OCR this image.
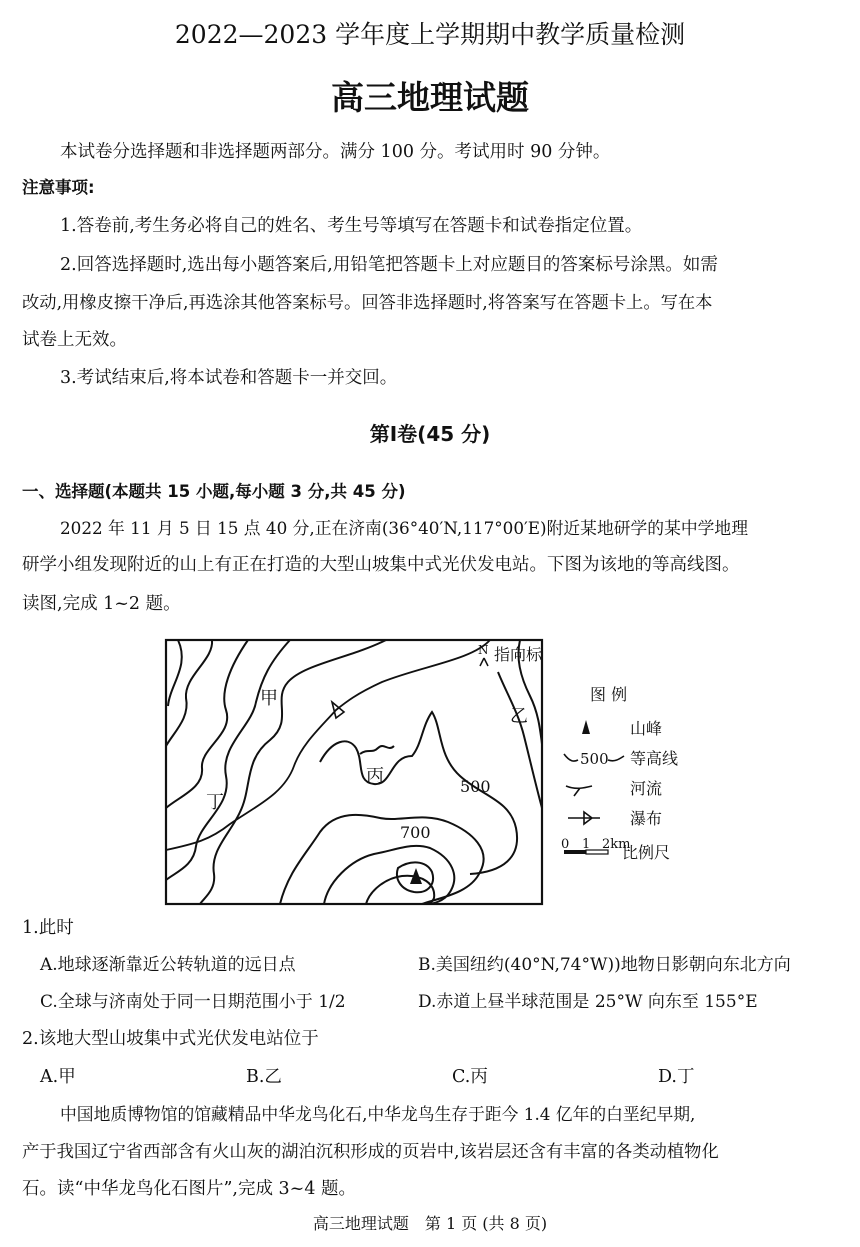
2022—2023 学年度上学期期中教学质量检测
高三地理试题
本试卷分选择题和非选择题两部分。满分 100 分。考试用时 90 分钟。
注意事项:
1.答卷前,考生务必将自己的姓名、考生号等填写在答题卡和试卷指定位置。
2.回答选择题时,选出每小题答案后,用铅笔把答题卡上对应题目的答案标号涂黑。如需
改动,用橡皮擦干净后,再选涂其他答案标号。回答非选择题时,将答案写在答题卡上。写在本
试卷上无效。
3.考试结束后,将本试卷和答题卡一并交回。
第Ⅰ卷(45 分)
一、选择题(本题共 15 小题,每小题 3 分,共 45 分)
2022 年 11 月 5 日 15 点 40 分,正在济南(36°40′N,117°00′E)附近某地研学的某中学地理
研学小组发现附近的山上有正在打造的大型山坡集中式光伏发电站。下图为该地的等高线图。
读图,完成 1~2 题。
甲
乙
丙
丁
500
700
N 指向标
图 例
山峰
500 等高线
河流
瀑布
0 1 2km
比例尺
1.此时
A.地球逐渐靠近公转轨道的远日点	B.美国纽约(40°N,74°W))地物日影朝向东北方向
C.全球与济南处于同一日期范围小于 1/2	D.赤道上昼半球范围是 25°W 向东至 155°E
2.该地大型山坡集中式光伏发电站位于
A.甲	B.乙	C.丙	D.丁
中国地质博物馆的馆藏精品中华龙鸟化石,中华龙鸟生存于距今 1.4 亿年的白垩纪早期,
产于我国辽宁省西部含有火山灰的湖泊沉积形成的页岩中,该岩层还含有丰富的各类动植物化
石。读“中华龙鸟化石图片”,完成 3~4 题。
高三地理试题　第 1 页 (共 8 页)
